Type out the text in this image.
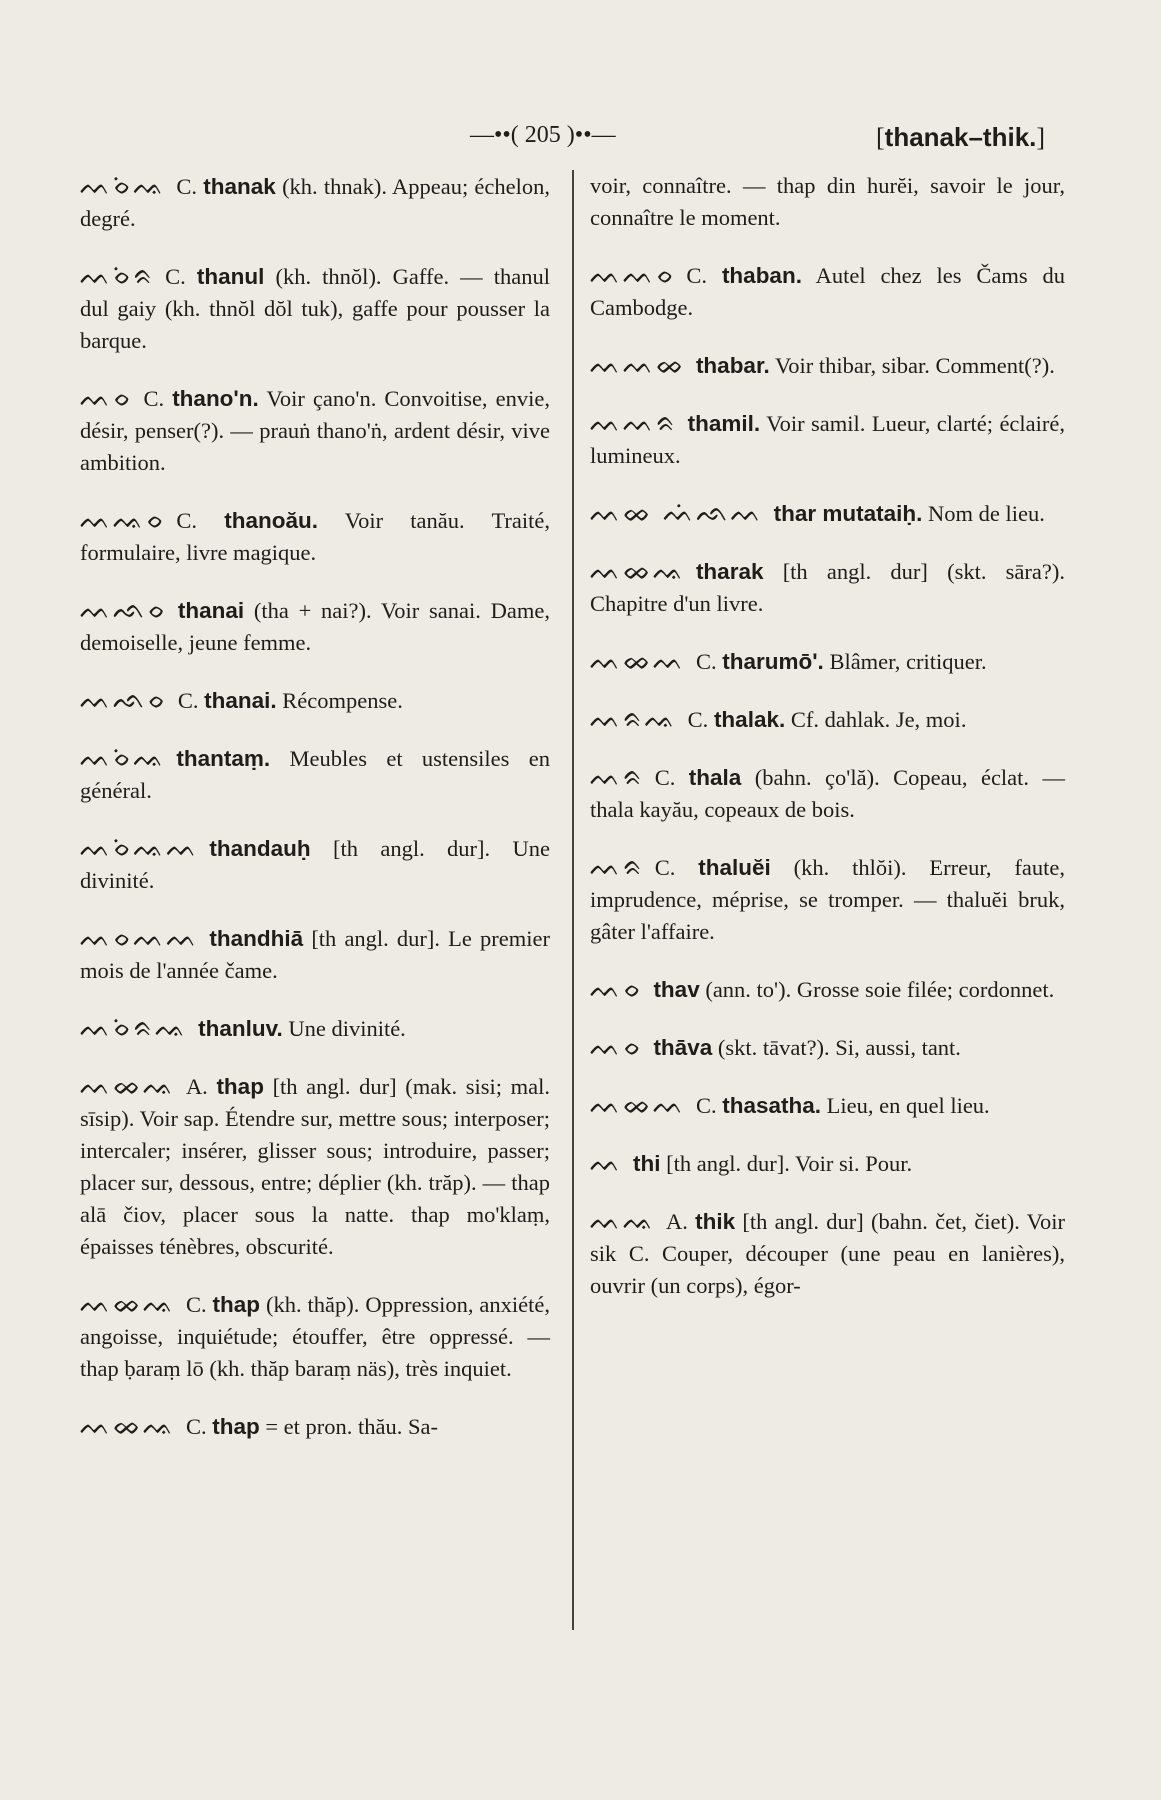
—••( 205 )••—	[thanak–thik.]
ᨓᨔᨗᨕ C. thanak (kh. thnak). Appeau; échelon, degré.
ᨓᨔᨗᨑ C. thanul (kh. thnŏl). Gaffe. — thanul dul gaiy (kh. thnŏl dŏl tuk), gaffe pour pousser la barque.
ᨓᨔ C. thano'n. Voir çano'n. Convoitise, envie, désir, penser(?). — prauṅ thano'ṅ, ardent désir, vive ambition.
ᨓᨕᨔ C. thanoău. Voir tanău. Traité, formulaire, livre magique.
ᨓᨒᨔ thanai (tha + nai?). Voir sanai. Dame, demoiselle, jeune femme.
ᨓᨒᨔ C. thanai. Récompense.
ᨓᨔᨗᨕ thantaṃ. Meubles et ustensiles en général.
ᨓᨔᨗᨕᨓ thandauḥ [th angl. dur]. Une divinité.
ᨓᨔᨓᨓ thandhiā [th angl. dur]. Le premier mois de l'année čame.
ᨓᨔᨗᨑᨕ thanluv. Une divinité.
ᨓᨖᨕ A. thap [th angl. dur] (mak. sisi; mal. sīsip). Voir sap. Étendre sur, mettre sous; interposer; intercaler; insérer, glisser sous; introduire, passer; placer sur, dessous, entre; déplier (kh. trăp). — thap alā čiov, placer sous la natte. thap mo'klaṃ, épaisses ténèbres, obscurité.
ᨓᨖᨕ C. thap (kh. thăp). Oppression, anxiété, angoisse, inquiétude; étouffer, être oppressé. — thap ḅaraṃ lō (kh. thăp baraṃ näs), très inquiet.
ᨓᨖᨕ C. thap = et pron. thău. Sa-
voir, connaître. — thap din hurĕi, savoir le jour, connaître le moment.
ᨓᨓᨔ C. thaban. Autel chez les Čams du Cambodge.
ᨓᨓᨖ thabar. Voir thibar, sibar. Comment(?).
ᨓᨓᨑ thamil. Voir samil. Lueur, clarté; éclairé, lumineux.
ᨓᨖ ᨓᨗᨒᨓ thar mutataiḥ. Nom de lieu.
ᨓᨖᨕ tharak [th angl. dur] (skt. sāra?). Chapitre d'un livre.
ᨓᨖᨓ C. tharumō'. Blâmer, critiquer.
ᨓᨑᨕ C. thalak. Cf. dahlak. Je, moi.
ᨓᨑ C. thala (bahn. ço'lă). Copeau, éclat. — thala kayău, copeaux de bois.
ᨓᨑ C. thaluĕi (kh. thlŏi). Erreur, faute, imprudence, méprise, se tromper. — thaluĕi bruk, gâter l'affaire.
ᨓᨔ thav (ann. to'). Grosse soie filée; cordonnet.
ᨓᨔ thāva (skt. tāvat?). Si, aussi, tant.
ᨓᨖᨓ C. thasatha. Lieu, en quel lieu.
ᨓ thi [th angl. dur]. Voir si. Pour.
ᨓᨕ A. thik [th angl. dur] (bahn. čet, čiet). Voir sik C. Couper, découper (une peau en lanières), ouvrir (un corps), égor-
